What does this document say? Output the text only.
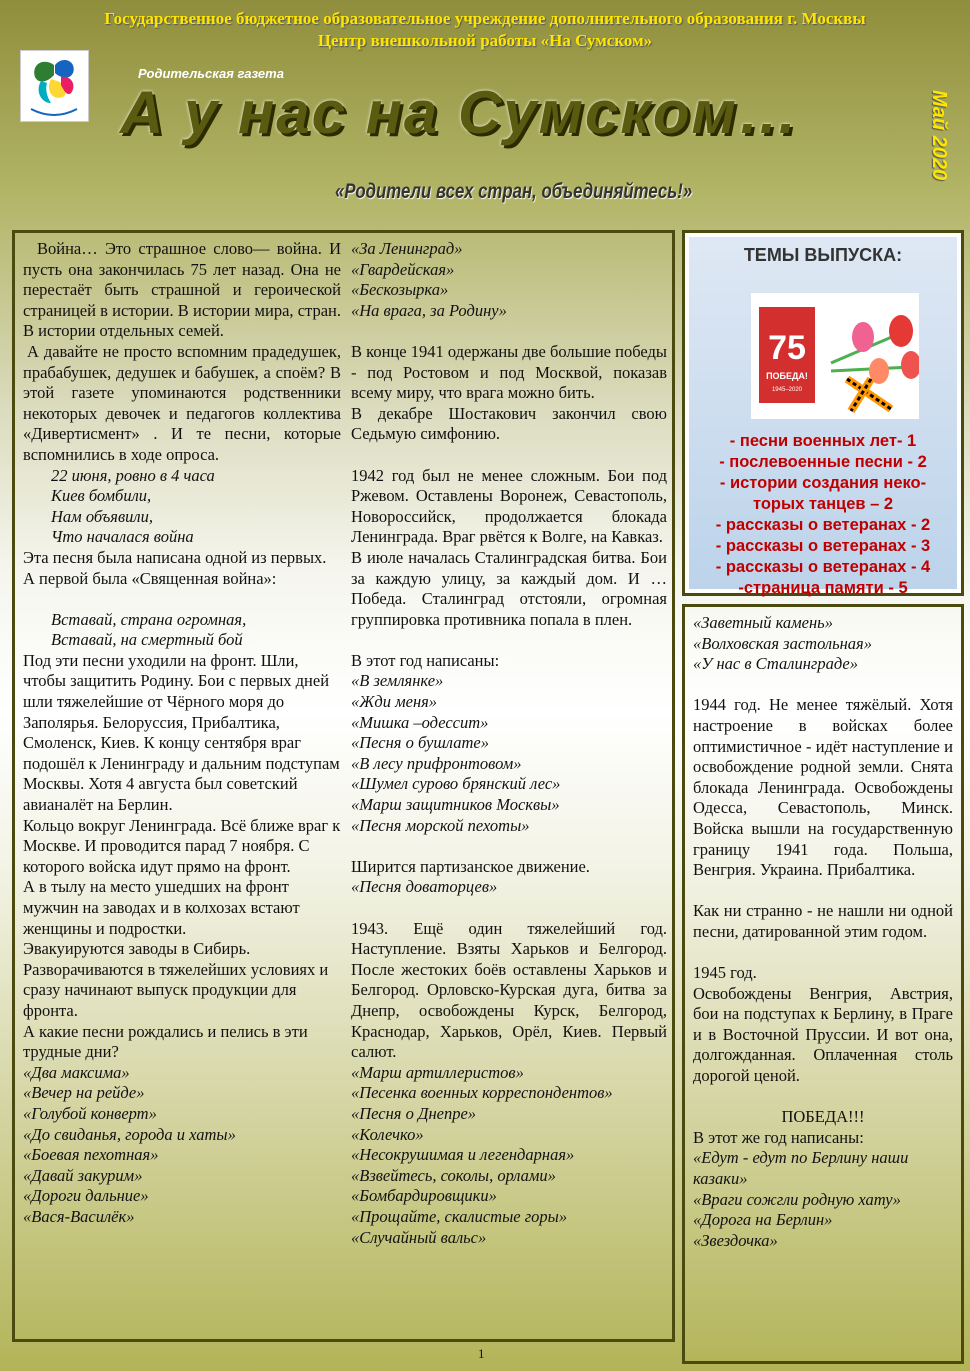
Государственное бюджетное образовательное учреждение дополнительного образования г. Москвы
Центр внешкольной работы «На Сумском»
Родительская газета
А у нас на Сумском…	Май 2020
«Родители всех стран, объединяйтесь!»

Война… Это страшное слово— война. И пусть она закончилась 75 лет назад. Она не перестаёт быть страшной и героической страницей в истории. В истории мира, стран. В истории отдельных семей.

А давайте не просто вспомним прадедушек, прабабушек, дедушек и бабушек, а споём? В этой газете упоминаются родственники некоторых девочек и педагогов коллектива «Дивертисмент» . И те песни, которые вспомнились в ходе опроса.

22 июня, ровно в 4 часа

Киев бомбили,

Нам объявили,

Что началася война

Эта песня была написана одной из первых.

А первой была «Священная война»:

Вставай, страна огромная,

Вставай, на смертный бой

Под эти песни уходили на фронт. Шли, чтобы защитить Родину. Бои с первых дней шли тяжелейшие от Чёрного моря до Заполярья. Белоруссия, Прибалтика, Смоленск, Киев. К концу сентября враг подошёл к Ленинграду и дальним подступам Москвы. Хотя 4 августа был советский авианалёт на Берлин.

Кольцо вокруг Ленинграда. Всё ближе враг к Москве. И проводится парад 7 ноября. С которого войска идут прямо на фронт.

А в тылу на место ушедших на фронт мужчин на заводах и в колхозах встают женщины и подростки.

Эвакуируются заводы в Сибирь. Разворачиваются в тяжелейших условиях и сразу начинают выпуск продукции для фронта.

А какие песни рождались и пелись в эти трудные дни?

«Два максима»

«Вечер на рейде»

«Голубой конверт»

«До свиданья, города и хаты»

«Боевая пехотная»

«Давай закурим»

«Дороги дальние»

«Вася-Василёк»

«За Ленинград»

«Гвардейская»

«Бескозырка»

«На врага, за Родину»

В конце 1941 одержаны две большие победы - под Ростовом и под Москвой, показав всему миру, что врага можно бить.

В декабре Шостакович закончил свою Седьмую симфонию.

1942 год был не менее сложным. Бои под Ржевом. Оставлены Воронеж, Севастополь, Новороссийск, продолжается блокада Ленинграда. Враг рвётся к Волге, на Кавказ.

В июле началась Сталинградская битва. Бои за каждую улицу, за каждый дом. И … Победа. Сталинград отстояли, огромная группировка противника попала в плен.

В этот год написаны:

«В землянке»

«Жди меня»

«Мишка –одессит»

«Песня о бушлате»

«В лесу прифронтовом»

«Шумел сурово брянский лес»

«Марш защитников Москвы»

«Песня морской пехоты»

Ширится партизанское движение.

«Песня доваторцев»

1943. Ещё один тяжелейший год. Наступление. Взяты Харьков и Белгород. После жестоких боёв оставлены Харьков и Белгород. Орловско-Курская дуга, битва за Днепр, освобождены Курск, Белгород, Краснодар, Харьков, Орёл, Киев. Первый салют.

«Марш артиллеристов»

«Песенка военных корреспондентов»

«Песня о Днепре»

«Колечко»

«Несокрушимая и легендарная»

«Взвейтесь, соколы, орлами»

«Бомбардировщики»

«Прощайте, скалистые горы»

«Случайный вальс»

ТЕМЫ ВЫПУСКА:
75
ПОБЕДА!
1945–2020
- песни военных лет- 1
- послевоенные песни - 2
- истории создания неко-
торых танцев – 2
- рассказы о ветеранах - 2
- рассказы о ветеранах - 3
- рассказы о ветеранах - 4
-страница памяти - 5

«Заветный камень»

«Волховская застольная»

«У нас в Сталинграде»

1944 год. Не менее тяжёлый. Хотя настроение в войсках более оптимистичное - идёт наступление и освобождение родной земли. Снята блокада Ленинграда. Освобождены Одесса, Севастополь, Минск. Войска вышли на государственную границу 1941 года. Польша, Венгрия. Украина. Прибалтика.

Как ни странно - не нашли ни одной песни, датированной этим годом.

1945 год.

Освобождены Венгрия, Австрия, бои на подступах к Берлину, в Праге и в Восточной Пруссии. И вот она, долгожданная. Оплаченная столь дорогой ценой.

ПОБЕДА!!!

В этот же год написаны:

«Едут - едут по Берлину наши казаки»

«Враги сожгли родную хату»

«Дорога на Берлин»

«Звездочка»

1
